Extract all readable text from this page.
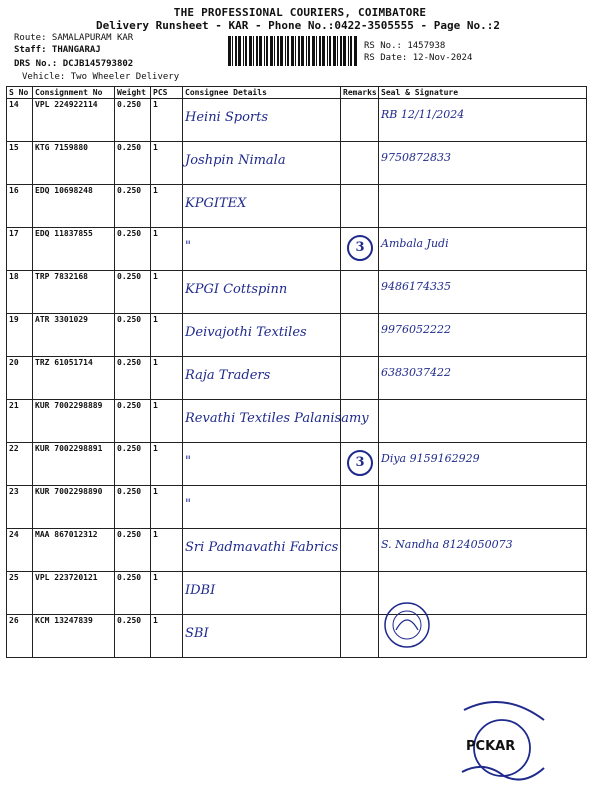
THE PROFESSIONAL COURIERS, COIMBATORE
Delivery Runsheet - KAR - Phone No.:0422-3505555 - Page No.:2
Route: SAMALAPURAM KAR
Staff: THANGARAJ
DRS No.: DCJB145793802
Vehicle: Two Wheeler Delivery
RS No.: 1457938
RS Date: 12-Nov-2024
S No	Consignment No	Weight	PCS	Consignee Details	Remarks	Seal & Signature
14	VPL 224922114	0.250	1	Heini Sports		RB 12/11/2024

15	KTG 7159880	0.250	1	Joshpin Nimala		9750872833

16	EDQ 10698248	0.250	1	KPGITEX		

17	EDQ 11837855	0.250	1	"	3	Ambala Judi

18	TRP 7832168	0.250	1	KPGI Cottspinn		9486174335

19	ATR 3301029	0.250	1	Deivajothi Textiles		9976052222

20	TRZ 61051714	0.250	1	Raja Traders		6383037422

21	KUR 7002298889	0.250	1	Revathi Textiles Palanisamy		

22	KUR 7002298891	0.250	1	"	3	Diya 9159162929

23	KUR 7002298890	0.250	1	"		

24	MAA 867012312	0.250	1	Sri Padmavathi Fabrics		S. Nandha 8124050073

25	VPL 223720121	0.250	1	IDBI		

26	KCM 13247839	0.250	1	SBI		

PCKAR
